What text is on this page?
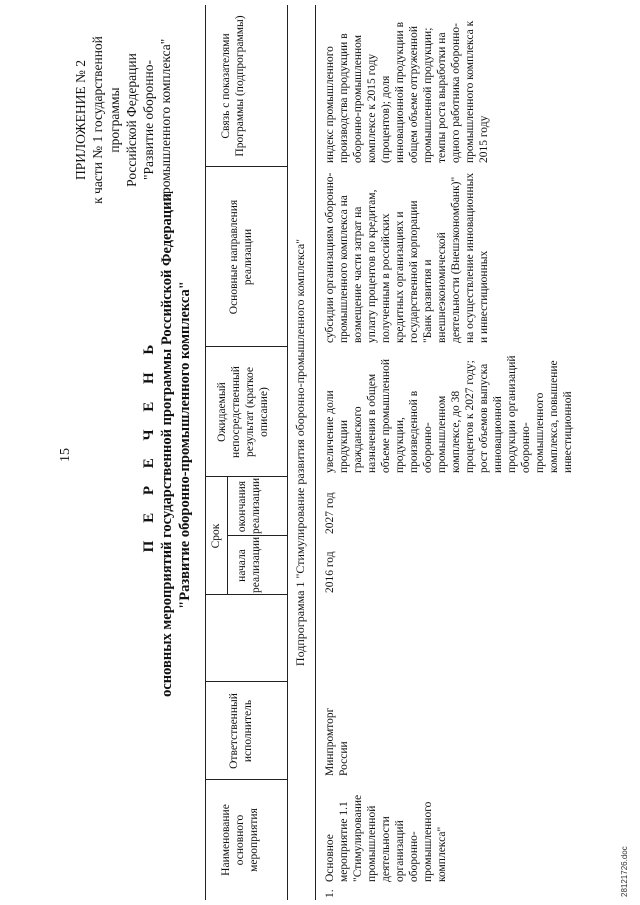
15
ПРИЛОЖЕНИЕ № 2 к части № 1 государственной программы Российской Федерации "Развитие оборонно-промышленного комплекса"
П Е Р Е Ч Е Н Ь основных мероприятий государственной программы Российской Федерации "Развитие оборонно-промышленного комплекса"
Наименование основного мероприятия
Ответственный исполнитель
Срок
начала реализации
окончания реализации
Ожидаемый непосредственный результат (краткое описание)
Основные направления реализации
Связь с показателями Программы (подпрограммы)
Подпрограмма 1 "Стимулирование развития оборонно-промышленного комплекса"
1.
Основное мероприятие 1.1 "Стимулирование промышленной деятельности организаций оборонно-промышленного комплекса"
Минпромторг России
2016 год
2027 год
увеличение доли продукции гражданского назначения в общем объеме промышленной продукции, произведенной в оборонно-промышленном комплексе, до 38 процентов к 2027 году; рост объемов выпуска инновационной продукции организаций оборонно-промышленного комплекса, повышение инвестиционной
субсидии организациям оборонно-промышленного комплекса на возмещение части затрат на уплату процентов по кредитам, полученным в российских кредитных организациях и государственной корпорации "Банк развития и внешнеэкономической деятельности (Внешэкономбанк)" на осуществление инновационных и инвестиционных
индекс промышленного производства продукции в оборонно-промышленном комплексе к 2015 году (процентов); доля инновационной продукции в общем объеме отгруженной промышленной продукции; темпы роста выработки на одного работника оборонно-промышленного комплекса к 2015 году
28121726.doc
